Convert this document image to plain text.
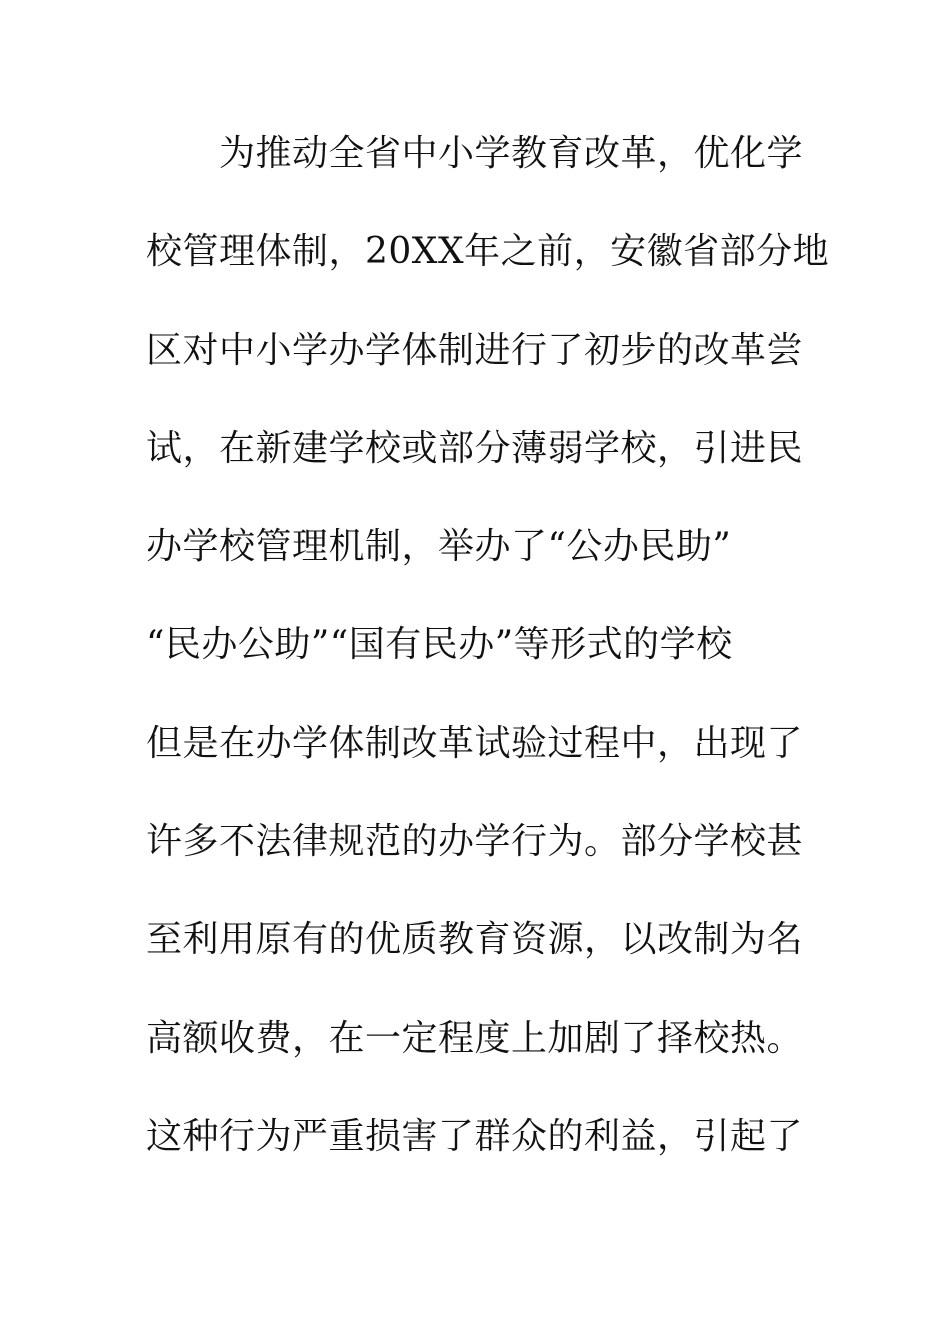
为推动全省中小学教育改革，优化学
校管理体制，20XX年之前，安徽省部分地
区对中小学办学体制进行了初步的改革尝
试，在新建学校或部分薄弱学校，引进民
办学校管理机制，举办了“公办民助”
“民办公助”“国有民办”等形式的学校
但是在办学体制改革试验过程中，出现了
许多不法律规范的办学行为。部分学校甚
至利用原有的优质教育资源，以改制为名
高额收费，在一定程度上加剧了择校热。
这种行为严重损害了群众的利益，引起了
